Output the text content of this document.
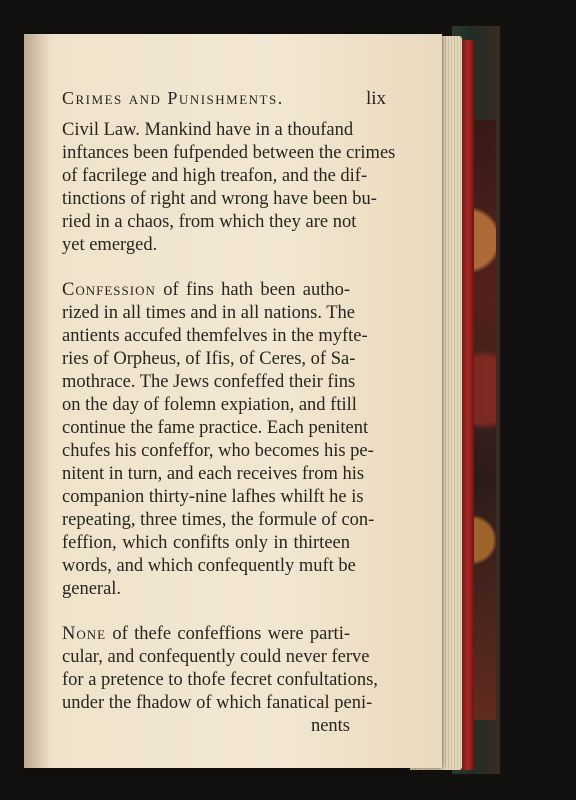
Crimes and Punishments.	lix
Civil Law. Mankind have in a thoufand
inftances been fufpended between the crimes
of facrilege and high treafon, and the dif-
tinctions of right and wrong have been bu-
ried in a chaos, from which they are not
yet emerged.
Confession of fins hath been autho-
rized in all times and in all nations. The
antients accufed themfelves in the myfte-
ries of Orpheus, of Ifis, of Ceres, of Sa-
mothrace. The Jews confeffed their fins
on the day of folemn expiation, and ftill
continue the fame practice. Each penitent
chufes his confeffor, who becomes his pe-
nitent in turn, and each receives from his
companion thirty-nine lafhes whilft he is
repeating, three times, the formule of con-
feffion, which confifts only in thirteen
words, and which confequently muft be
general.
None of thefe confeffions were parti-
cular, and confequently could never ferve
for a pretence to thofe fecret confultations,
under the fhadow of which fanatical peni-
nents
